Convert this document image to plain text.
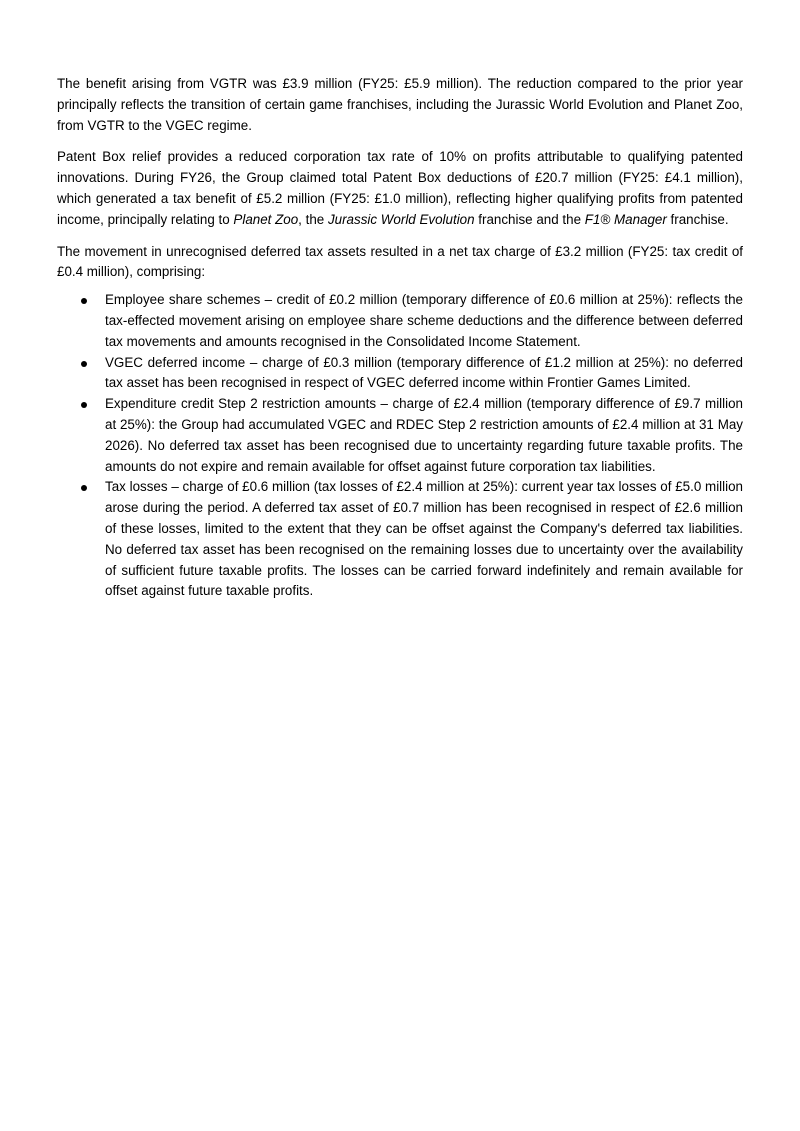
The benefit arising from VGTR was £3.9 million (FY25: £5.9 million). The reduction compared to the prior year principally reflects the transition of certain game franchises, including the Jurassic World Evolution and Planet Zoo, from VGTR to the VGEC regime.

Patent Box relief provides a reduced corporation tax rate of 10% on profits attributable to qualifying patented innovations. During FY26, the Group claimed total Patent Box deductions of £20.7 million (FY25: £4.1 million), which generated a tax benefit of £5.2 million (FY25: £1.0 million), reflecting higher qualifying profits from patented income, principally relating to Planet Zoo, the Jurassic World Evolution franchise and the F1® Manager franchise.

The movement in unrecognised deferred tax assets resulted in a net tax charge of £3.2 million (FY25: tax credit of £0.4 million), comprising:

Employee share schemes – credit of £0.2 million (temporary difference of £0.6 million at 25%): reflects the tax-effected movement arising on employee share scheme deductions and the difference between deferred tax movements and amounts recognised in the Consolidated Income Statement.
VGEC deferred income – charge of £0.3 million (temporary difference of £1.2 million at 25%): no deferred tax asset has been recognised in respect of VGEC deferred income within Frontier Games Limited.
Expenditure credit Step 2 restriction amounts – charge of £2.4 million (temporary difference of £9.7 million at 25%): the Group had accumulated VGEC and RDEC Step 2 restriction amounts of £2.4 million at 31 May 2026). No deferred tax asset has been recognised due to uncertainty regarding future taxable profits. The amounts do not expire and remain available for offset against future corporation tax liabilities.
Tax losses – charge of £0.6 million (tax losses of £2.4 million at 25%): current year tax losses of £5.0 million arose during the period. A deferred tax asset of £0.7 million has been recognised in respect of £2.6 million of these losses, limited to the extent that they can be offset against the Company's deferred tax liabilities. No deferred tax asset has been recognised on the remaining losses due to uncertainty over the availability of sufficient future taxable profits. The losses can be carried forward indefinitely and remain available for offset against future taxable profits.
